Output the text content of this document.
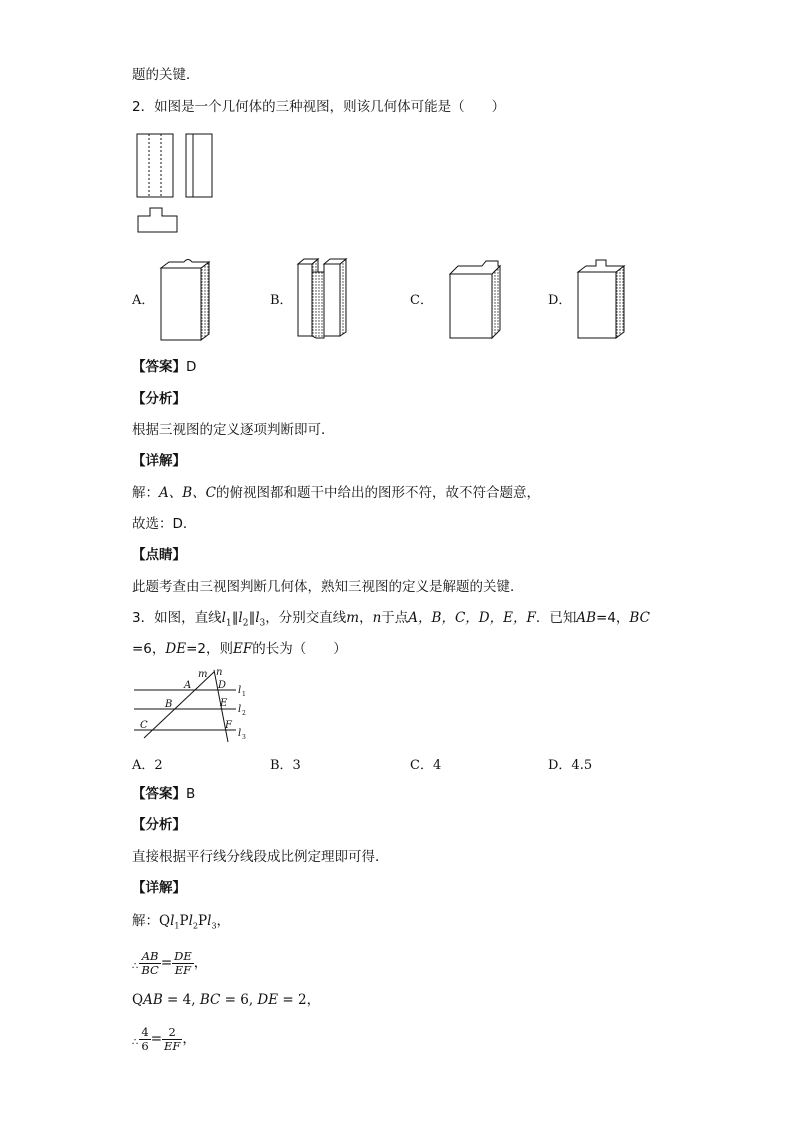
题的关键．
2．如图是一个几何体的三种视图，则该几何体可能是（　　）
A．	B．	C．	D．
【答案】D
【分析】
根据三视图的定义逐项判断即可．
【详解】
解：A、B、C的俯视图都和题干中给出的图形不符，故不符合题意，
故选：D．
【点睛】
此题考查由三视图判断几何体，熟知三视图的定义是解题的关键．
3．如图，直线$l_1\parallel l_2\parallel l_3$，分别交直线m，n于点A，B，C，D，E，F．已知AB=4，BC
=6，DE=2，则EF的长为（　　）
m n
A
B
C
D
E
F
l 1
l 2
l 3
A．2	B．3	C．4	D．4.5
【答案】B
【分析】
直接根据平行线分线段成比例定理即可得．
【详解】
解：$Ql_1Pl_2Pl_3$，
∴ $\frac{AB}{BC} = \frac{DE}{EF}$ ，
QAB = 4, BC = 6, DE = 2，
∴ $\frac{4}{6} = \frac{2}{EF}$ ，
